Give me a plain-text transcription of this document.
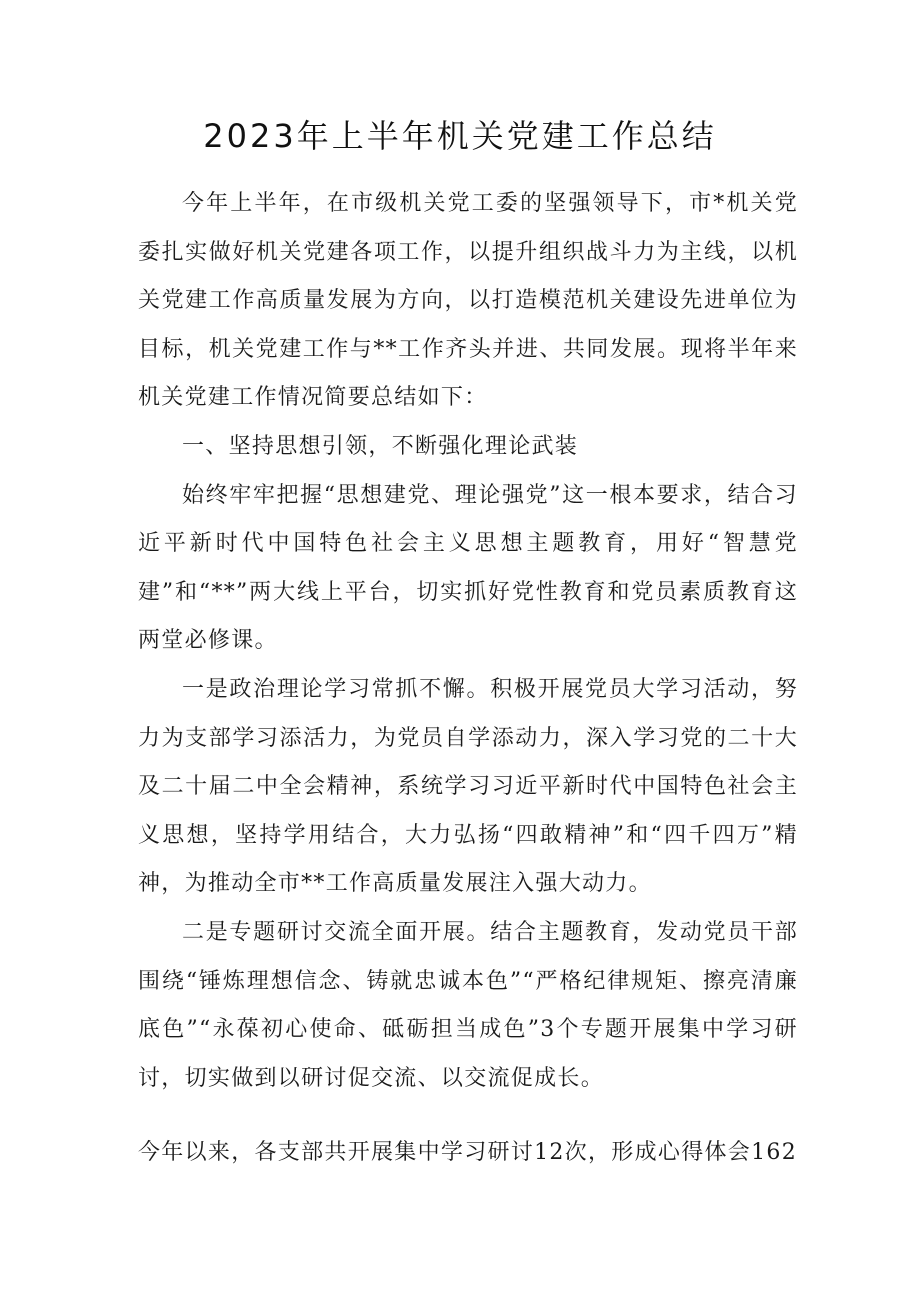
2023年上半年机关党建工作总结

今年上半年，在市级机关党工委的坚强领导下，市*机关党委扎实做好机关党建各项工作，以提升组织战斗力为主线，以机关党建工作高质量发展为方向，以打造模范机关建设先进单位为目标，机关党建工作与**工作齐头并进、共同发展。现将半年来机关党建工作情况简要总结如下：

一、坚持思想引领，不断强化理论武装

始终牢牢把握“思想建党、理论强党”这一根本要求，结合习近平新时代中国特色社会主义思想主题教育，用好“智慧党建”和“**”两大线上平台，切实抓好党性教育和党员素质教育这两堂必修课。

一是政治理论学习常抓不懈。积极开展党员大学习活动，努力为支部学习添活力，为党员自学添动力，深入学习党的二十大及二十届二中全会精神，系统学习习近平新时代中国特色社会主义思想，坚持学用结合，大力弘扬“四敢精神”和“四千四万”精神，为推动全市**工作高质量发展注入强大动力。

二是专题研讨交流全面开展。结合主题教育，发动党员干部围绕“锤炼理想信念、铸就忠诚本色”“严格纪律规矩、擦亮清廉底色”“永葆初心使命、砥砺担当成色”3个专题开展集中学习研讨，切实做到以研讨促交流、以交流促成长。

今年以来，各支部共开展集中学习研讨12次，形成心得体会162
